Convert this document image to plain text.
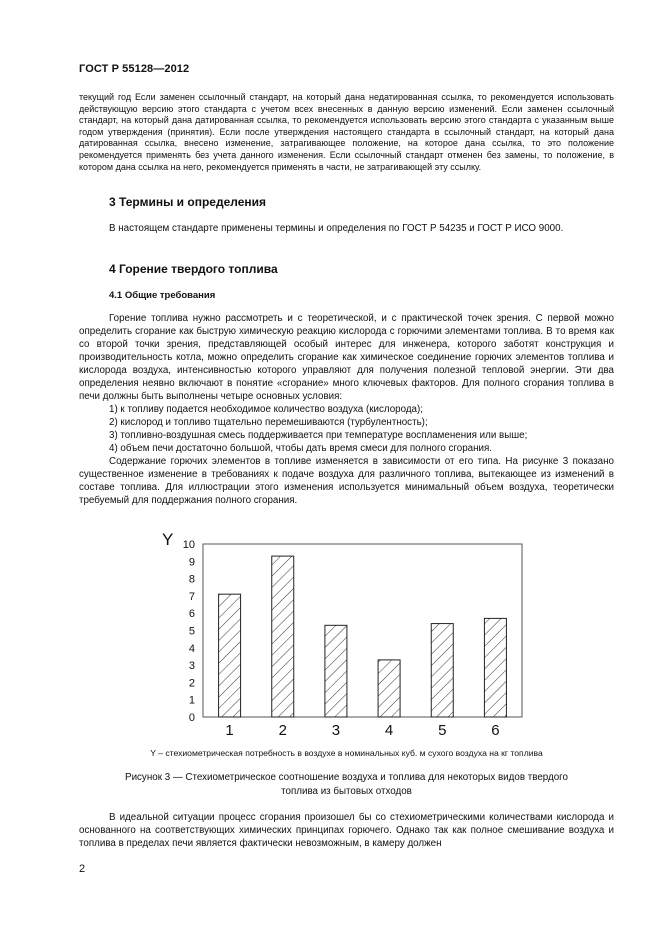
ГОСТ Р 55128—2012

текущий год Если заменен ссылочный стандарт, на который дана недатированная ссылка, то рекомендуется использовать действующую версию этого стандарта с учетом всех внесенных в данную версию изменений. Если заменен ссылочный стандарт, на который дана датированная ссылка, то рекомендуется использовать версию этого стандарта с указанным выше годом утверждения (принятия). Если после утверждения настоящего стандарта в ссылочный стандарт, на который дана датированная ссылка, внесено изменение, затрагивающее положение, на которое дана ссылка, то это положение рекомендуется применять без учета данного изменения. Если ссылочный стандарт отменен без замены, то положение, в котором дана ссылка на него, рекомендуется применять в части, не затрагивающей эту ссылку.

3 Термины и определения

В настоящем стандарте применены термины и определения по ГОСТ Р 54235 и ГОСТ Р ИСО 9000.

4 Горение твердого топлива
4.1 Общие требования

Горение топлива нужно рассмотреть и с теоретической, и с практической точек зрения. С первой можно определить сгорание как быструю химическую реакцию кислорода с горючими элементами топлива. В то время как со второй точки зрения, представляющей особый интерес для инженера, которого заботят конструкция и производительность котла, можно определить сгорание как химическое соединение горючих элементов топлива и кислорода воздуха, интенсивностью которого управляют для получения полезной тепловой энергии. Эти два определения неявно включают в понятие «сгорание» много ключевых факторов. Для полного сгорания топлива в печи должны быть выполнены четыре основных условия:

1) к топливу подается необходимое количество воздуха (кислорода);

2) кислород и топливо тщательно перемешиваются (турбулентность);

3) топливно-воздушная смесь поддерживается при температуре воспламенения или выше;

4) объем печи достаточно большой, чтобы дать время смеси для полного сгорания.

Содержание горючих элементов в топливе изменяется в зависимости от его типа. На рисунке 3 показано существенное изменение в требованиях к подаче воздуха для различного топлива, вытекающее из изменений в составе топлива. Для иллюстрации этого изменения используется минимальный объем воздуха, теоретически требуемый для поддержания полного сгорания.

Y
0
1
2
3
4
5
6
7
8
9
10
1	2	3	4	5	6
Y – стехиометрическая потребность в воздухе в номинальных куб. м сухого воздуха на кг топлива
Рисунок 3 — Стехиометрическое соотношение воздуха и топлива для некоторых видов твердого
топлива из бытовых отходов

В идеальной ситуации процесс сгорания произошел бы со стехиометрическими количествами кислорода и основанного на соответствующих химических принципах горючего. Однако так как полное смешивание воздуха и топлива в пределах печи является фактически невозможным, в камеру должен

2
